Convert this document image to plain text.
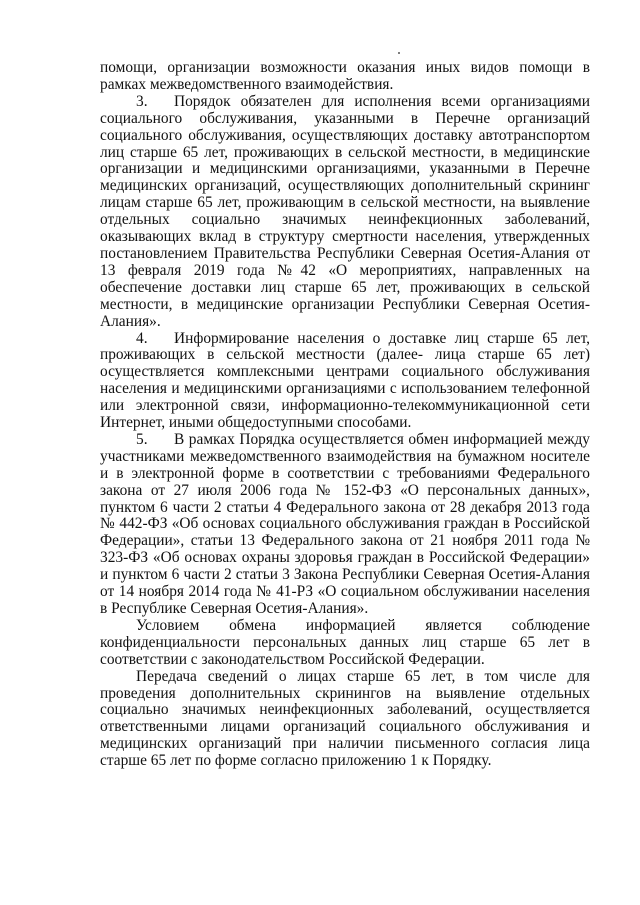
помощи, организации возможности оказания иных видов помощи в рамках межведомственного взаимодействия.

3. Порядок обязателен для исполнения всеми организациями социального обслуживания, указанными в Перечне организаций социального обслуживания, осуществляющих доставку автотранспортом лиц старше 65 лет, проживающих в сельской местности, в медицинские организации и медицинскими организациями, указанными в Перечне медицинских организаций, осуществляющих дополнительный скрининг лицам старше 65 лет, проживающим в сельской местности, на выявление отдельных социально значимых неинфекционных заболеваний, оказывающих вклад в структуру смертности населения, утвержденных постановлением Правительства Республики Северная Осетия-Алания от 13 февраля 2019 года №42 «О мероприятиях, направленных на обеспечение доставки лиц старше 65 лет, проживающих в сельской местности, в медицинские организации Республики Северная Осетия-Алания».

4. Информирование населения о доставке лиц старше 65 лет, проживающих в сельской местности (далее- лица старше 65 лет) осуществляется комплексными центрами социального обслуживания населения и медицинскими организациями с использованием телефонной или электронной связи, информационно-телекоммуникационной сети Интернет, иными общедоступными способами.

5. В рамках Порядка осуществляется обмен информацией между участниками межведомственного взаимодействия на бумажном носителе и в электронной форме в соответствии с требованиями Федерального закона от 27 июля 2006 года № 152-ФЗ «О персональных данных», пунктом 6 части 2 статьи 4 Федерального закона от 28 декабря 2013 года № 442-ФЗ «Об основах социального обслуживания граждан в Российской Федерации», статьи 13 Федерального закона от 21 ноября 2011 года № 323-ФЗ «Об основах охраны здоровья граждан в Российской Федерации» и пунктом 6 части 2 статьи 3 Закона Республики Северная Осетия-Алания от 14 ноября 2014 года № 41-РЗ «О социальном обслуживании населения в Республике Северная Осетия-Алания».

Условием обмена информацией является соблюдение конфиденциальности персональных данных лиц старше 65 лет в соответствии с законодательством Российской Федерации.

Передача сведений о лицах старше 65 лет, в том числе для проведения дополнительных скринингов на выявление отдельных социально значимых неинфекционных заболеваний, осуществляется ответственными лицами организаций социального обслуживания и медицинских организаций при наличии письменного согласия лица старше 65 лет по форме согласно приложению 1 к Порядку.
